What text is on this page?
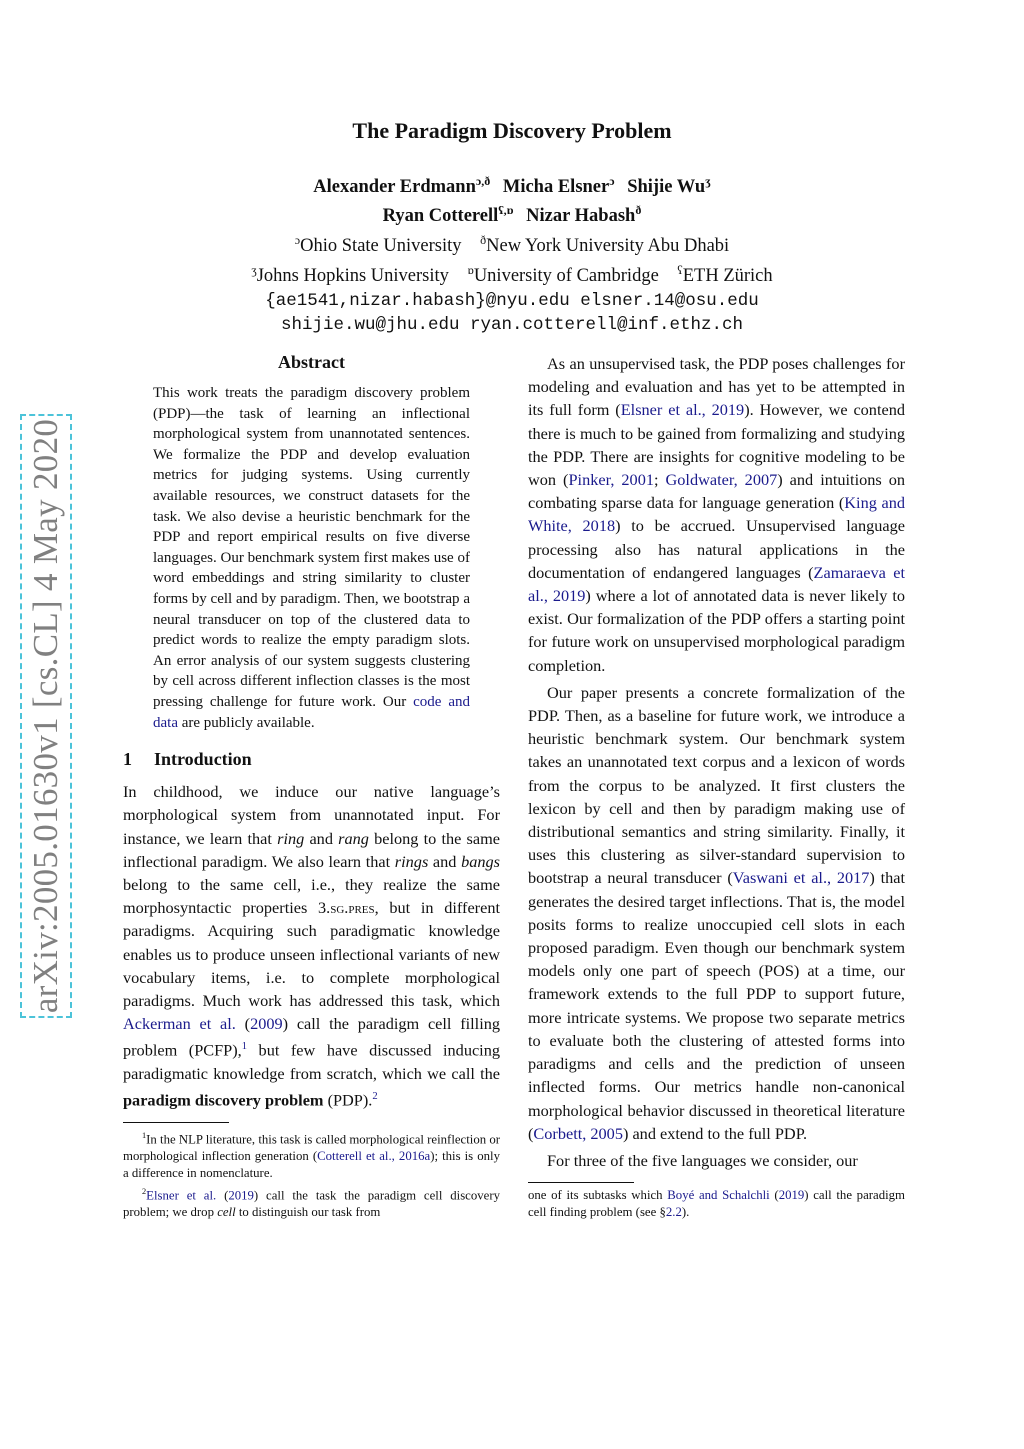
arXiv:2005.01630v1 [cs.CL] 4 May 2020
The Paradigm Discovery Problem
Alexander Erdmann$^{ɔ,ð}$ Micha Elsner$^ɔ$ Shijie $Wu^ʒ$
Ryan Cotterell$^{ʕ,ɒ}$ Nizar Habash$^ð$
$^ɔ$Ohio State University $^ð$New York University Abu Dhabi
$^ʒ$Johns Hopkins University $^ɒ$University of Cambridge $^ʕ$ETH Zürich
{ae1541,nizar.habash}@nyu.edu elsner.14@osu.edu
shijie.wu@jhu.edu ryan.cotterell@inf.ethz.ch
Abstract

This work treats the paradigm discovery problem (PDP)—the task of learning an inflectional morphological system from unannotated sentences. We formalize the PDP and develop evaluation metrics for judging systems. Using currently available resources, we construct datasets for the task. We also devise a heuristic benchmark for the PDP and report empirical results on five diverse languages. Our benchmark system first makes use of word embeddings and string similarity to cluster forms by cell and by paradigm. Then, we bootstrap a neural transducer on top of the clustered data to predict words to realize the empty paradigm slots. An error analysis of our system suggests clustering by cell across different inflection classes is the most pressing challenge for future work. Our code and data are publicly available.

1 Introduction

In childhood, we induce our native language’s morphological system from unannotated input. For instance, we learn that ring and rang belong to the same inflectional paradigm. We also learn that rings and bangs belong to the same cell, i.e., they realize the same morphosyntactic properties 3.sg.pres, but in different paradigms. Acquiring such paradigmatic knowledge enables us to produce unseen inflectional variants of new vocabulary items, i.e. to complete morphological paradigms. Much work has addressed this task, which Ackerman et al. (2009) call the paradigm cell filling problem (PCFP),$^1$ but few have discussed inducing paradigmatic knowledge from scratch, which we call the paradigm discovery problem (PDP).$^2$

$^1$In the NLP literature, this task is called morphological reinflection or morphological inflection generation (Cotterell et al., 2016a); this is only a difference in nomenclature.

$^2$Elsner et al. (2019) call the task the paradigm cell discovery problem; we drop cell to distinguish our task from

As an unsupervised task, the PDP poses challenges for modeling and evaluation and has yet to be attempted in its full form (Elsner et al., 2019). However, we contend there is much to be gained from formalizing and studying the PDP. There are insights for cognitive modeling to be won (Pinker, 2001; Goldwater, 2007) and intuitions on combating sparse data for language generation (King and White, 2018) to be accrued. Unsupervised language processing also has natural applications in the documentation of endangered languages (Zamaraeva et al., 2019) where a lot of annotated data is never likely to exist. Our formalization of the PDP offers a starting point for future work on unsupervised morphological paradigm completion.

Our paper presents a concrete formalization of the PDP. Then, as a baseline for future work, we introduce a heuristic benchmark system. Our benchmark system takes an unannotated text corpus and a lexicon of words from the corpus to be analyzed. It first clusters the lexicon by cell and then by paradigm making use of distributional semantics and string similarity. Finally, it uses this clustering as silver-standard supervision to bootstrap a neural transducer (Vaswani et al., 2017) that generates the desired target inflections. That is, the model posits forms to realize unoccupied cell slots in each proposed paradigm. Even though our benchmark system models only one part of speech (POS) at a time, our framework extends to the full PDP to support future, more intricate systems. We propose two separate metrics to evaluate both the clustering of attested forms into paradigms and cells and the prediction of unseen inflected forms. Our metrics handle non-canonical morphological behavior discussed in theoretical literature (Corbett, 2005) and extend to the full PDP.

For three of the five languages we consider, our

one of its subtasks which Boyé and Schalchli (2019) call the paradigm cell finding problem (see §2.2).
